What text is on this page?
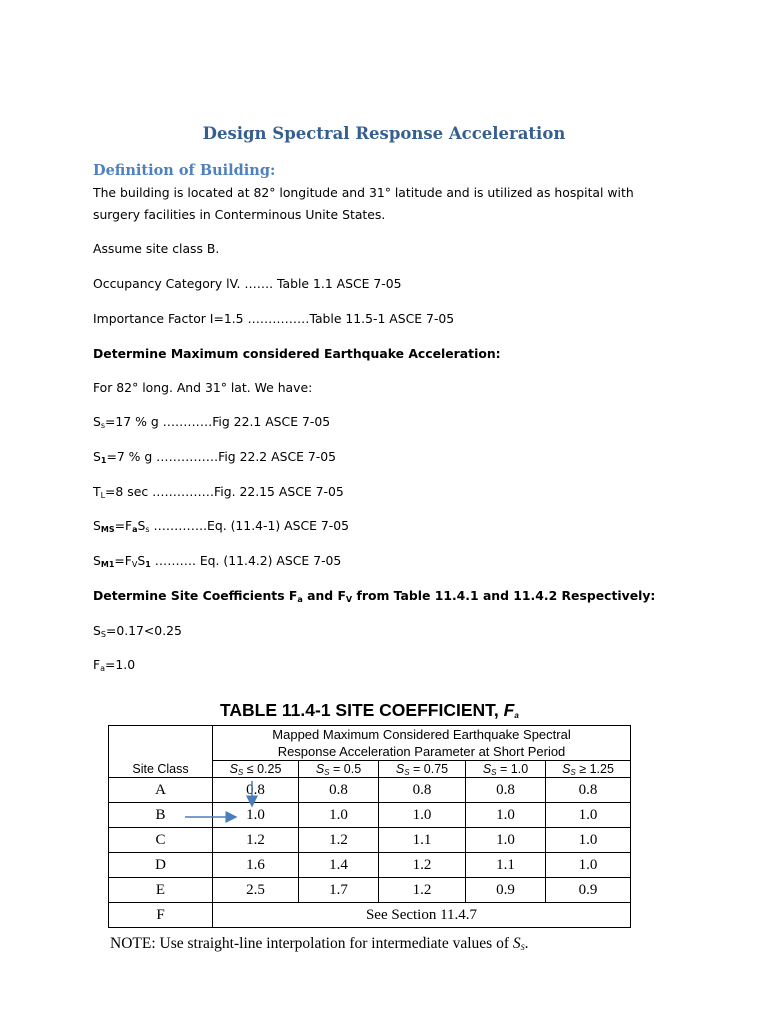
Design Spectral Response Acceleration
Definition of Building:
The building is located at 82° longitude and 31° latitude and is utilized as hospital with surgery facilities in Conterminous Unite States.
Assume site class B.
Occupancy Category lV. ……. Table 1.1 ASCE 7-05
Importance Factor I=1.5 ……………Table 11.5-1 ASCE 7-05
Determine Maximum considered Earthquake Acceleration:
For 82° long. And 31° lat. We have:
$S_s=17$ % g …………Fig 22.1 ASCE 7-05
$S_1=7$ % g ……………Fig 22.2 ASCE 7-05
$T_L=8$ sec ……………Fig. 22.15 ASCE 7-05
$S_{MS}=F_aS_s$ ………….Eq. (11.4-1) ASCE 7-05
$S_{M1}=F_VS_1$ ………. Eq. (11.4.2) ASCE 7-05
Determine Site Coefficients $F_a$ and $F_V$ from Table 11.4.1 and 11.4.2 Respectively:
$S_S=0.17<0.25$
$F_a=1.0$
TABLE 11.4-1 SITE COEFFICIENT, $F_a$

	Mapped Maximum Considered Earthquake Spectral
Response Acceleration Parameter at Short Period				

Site Class	$S_S \le 0.25$	$S_S = 0.5$	$S_S = 0.75$	$S_S = 1.0$	$S_S \ge 1.25$
A	0.8	0.8	0.8	0.8	0.8
B	1.0	1.0	1.0	1.0	1.0
C	1.2	1.2	1.1	1.0	1.0
D	1.6	1.4	1.2	1.1	1.0
E	2.5	1.7	1.2	0.9	0.9
F	See Section 11.4.7				
NOTE: Use straight-line interpolation for intermediate values of $S_S$.
